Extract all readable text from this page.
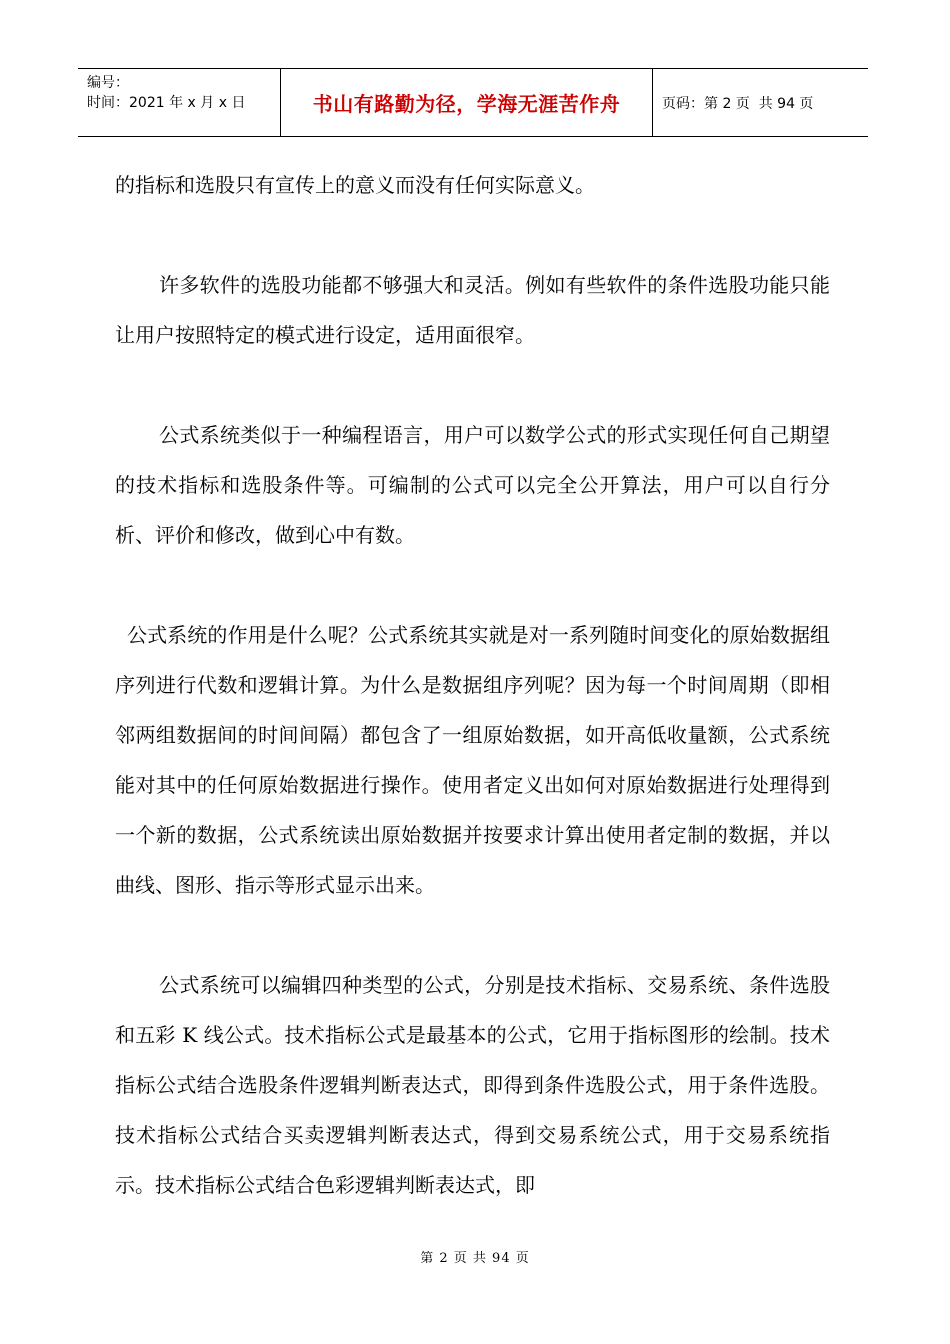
编号：
时间：2021 年 x 月 x 日	书山有路勤为径，学海无涯苦作舟	页码：第 2 页  共 94 页

的指标和选股只有宣传上的意义而没有任何实际意义。

许多软件的选股功能都不够强大和灵活。例如有些软件的条件选股功能只能让用户按照特定的模式进行设定，适用面很窄。

公式系统类似于一种编程语言，用户可以数学公式的形式实现任何自己期望的技术指标和选股条件等。可编制的公式可以完全公开算法，用户可以自行分析、评价和修改，做到心中有数。

公式系统的作用是什么呢？公式系统其实就是对一系列随时间变化的原始数据组序列进行代数和逻辑计算。为什么是数据组序列呢？因为每一个时间周期（即相邻两组数据间的时间间隔）都包含了一组原始数据，如开高低收量额，公式系统能对其中的任何原始数据进行操作。使用者定义出如何对原始数据进行处理得到一个新的数据，公式系统读出原始数据并按要求计算出使用者定制的数据，并以曲线、图形、指示等形式显示出来。

公式系统可以编辑四种类型的公式，分别是技术指标、交易系统、条件选股和五彩 K 线公式。技术指标公式是最基本的公式，它用于指标图形的绘制。技术指标公式结合选股条件逻辑判断表达式，即得到条件选股公式，用于条件选股。技术指标公式结合买卖逻辑判断表达式，得到交易系统公式，用于交易系统指示。技术指标公式结合色彩逻辑判断表达式，即

第 2 页 共 94 页
